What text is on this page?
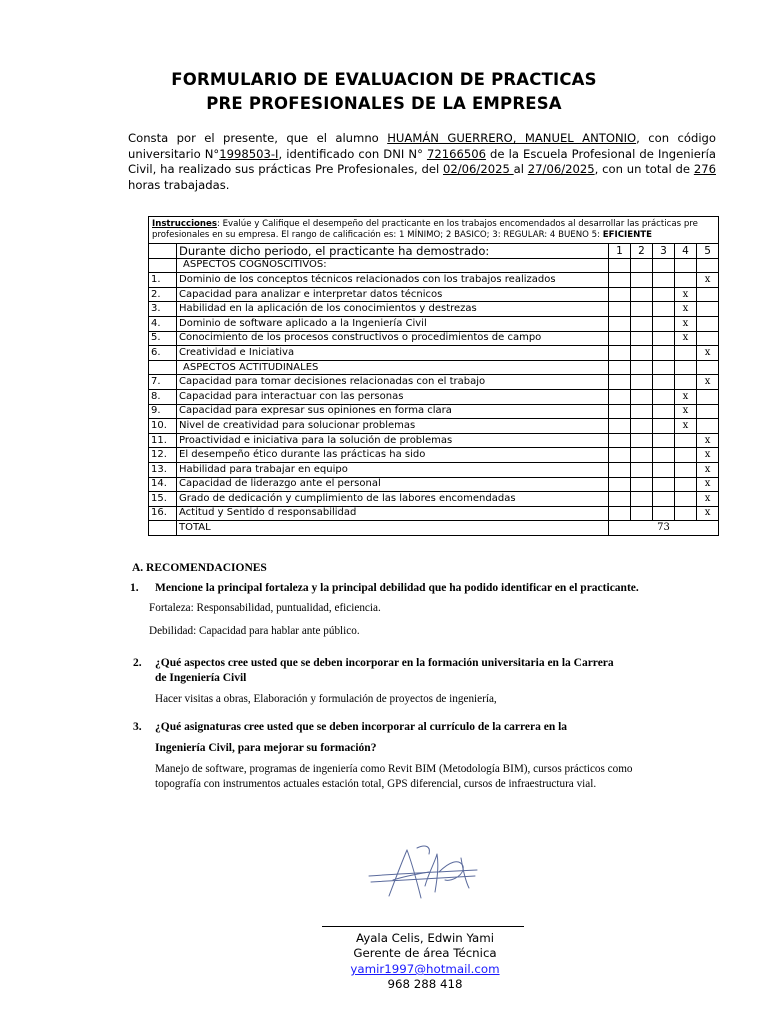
FORMULARIO DE EVALUACION DE PRACTICAS
PRE PROFESIONALES DE LA EMPRESA
Consta por el presente, que el alumno HUAMÁN GUERRERO, MANUEL ANTONIO, con código universitario N°1998503-I, identificado con DNI N° 72166506 de la Escuela Profesional de Ingeniería Civil, ha realizado sus prácticas Pre Profesionales, del 02/06/2025 al 27/06/2025, con un total de 276 horas trabajadas.
Instrucciones: Evalúe y Califique el desempeño del practicante en los trabajos encomendados al desarrollar las prácticas pre profesionales en su empresa. El rango de calificación es: 1 MÍNIMO; 2 BASICO; 3: REGULAR: 4 BUENO 5: EFICIENTE						
	Durante dicho periodo, el practicante ha demostrado:	1	2	3	4	5
	ASPECTOS COGNOSCITIVOS:					
1.	Dominio de los conceptos técnicos relacionados con los trabajos realizados					x
2.	Capacidad para analizar e interpretar datos técnicos				x	
3.	Habilidad en la aplicación de los conocimientos y destrezas				x	
4.	Dominio de software aplicado a la Ingeniería Civil				x	
5.	Conocimiento de los procesos constructivos o procedimientos de campo				x	
6.	Creatividad e Iniciativa					x
	ASPECTOS ACTITUDINALES					
7.	Capacidad para tomar decisiones relacionadas con el trabajo					x
8.	Capacidad para interactuar con las personas				x	
9.	Capacidad para expresar sus opiniones en forma clara				x	
10.	Nivel de creatividad para solucionar problemas				x	
11.	Proactividad e iniciativa para la solución de problemas					x
12.	El desempeño ético durante las prácticas ha sido					x
13.	Habilidad para trabajar en equipo					x
14.	Capacidad de liderazgo ante el personal					x
15.	Grado de dedicación y cumplimiento de las labores encomendadas					x
16.	Actitud y Sentido d responsabilidad					x
	TOTAL	73				
A. RECOMENDACIONES
1. Mencione la principal fortaleza y la principal debilidad que ha podido identificar en el practicante.
Fortaleza: Responsabilidad, puntualidad, eficiencia.
Debilidad: Capacidad para hablar ante público.
2. ¿Qué aspectos cree usted que se deben incorporar en la formación universitaria en la Carrera
de Ingeniería Civil
Hacer visitas a obras, Elaboración y formulación de proyectos de ingeniería,
3. ¿Qué asignaturas cree usted que se deben incorporar al currículo de la carrera en la
Ingeniería Civil, para mejorar su formación?
Manejo de software, programas de ingeniería como Revit BIM (Metodología BIM), cursos prácticos como
topografía con instrumentos actuales estación total, GPS diferencial, cursos de infraestructura vial.
Ayala Celis, Edwin Yami
Gerente de área Técnica
yamir1997@hotmail.com
968 288 418
